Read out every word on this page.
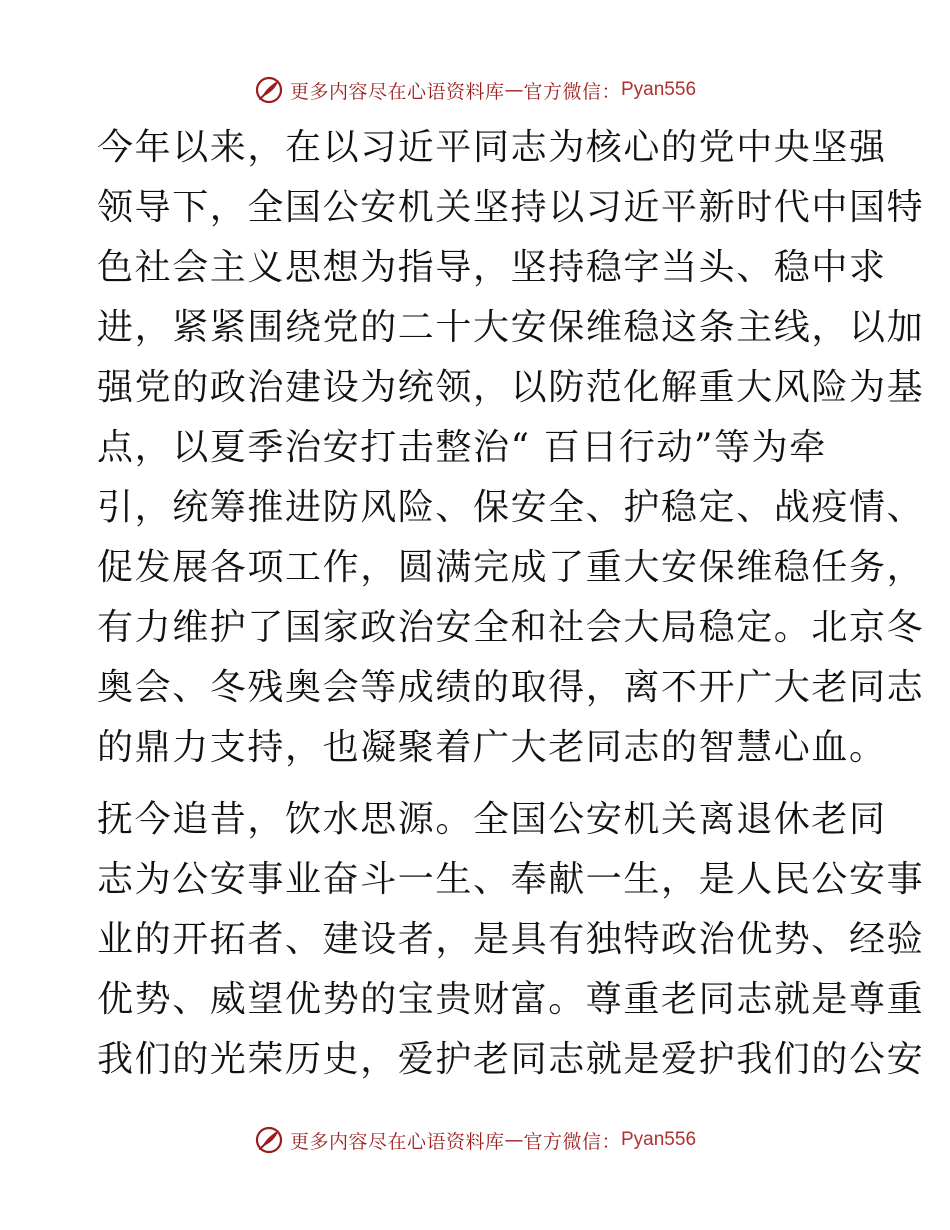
更多内容尽在心语资料库 — 官方微信： Pyan556
今年以来，在以习近平同志为核心的党中央坚强
领导下，全国公安机关坚持以习近平新时代中国特
色社会主义思想为指导，坚持稳字当头、稳中求
进，紧紧围绕党的二十大安保维稳这条主线，以加
强党的政治建设为统领，以防范化解重大风险为基
点，以夏季治安打击整治“ 百日行动”等为牵
引，统筹推进防风险、保安全、护稳定、战疫情、
促发展各项工作，圆满完成了重大安保维稳任务，
有力维护了国家政治安全和社会大局稳定。北京冬
奥会、冬残奥会等成绩的取得，离不开广大老同志
的鼎力支持，也凝聚着广大老同志的智慧心血。
抚今追昔，饮水思源。全国公安机关离退休老同
志为公安事业奋斗一生、奉献一生，是人民公安事
业的开拓者、建设者，是具有独特政治优势、经验
优势、威望优势的宝贵财富。尊重老同志就是尊重
我们的光荣历史，爱护老同志就是爱护我们的公安
更多内容尽在心语资料库 — 官方微信： Pyan556
